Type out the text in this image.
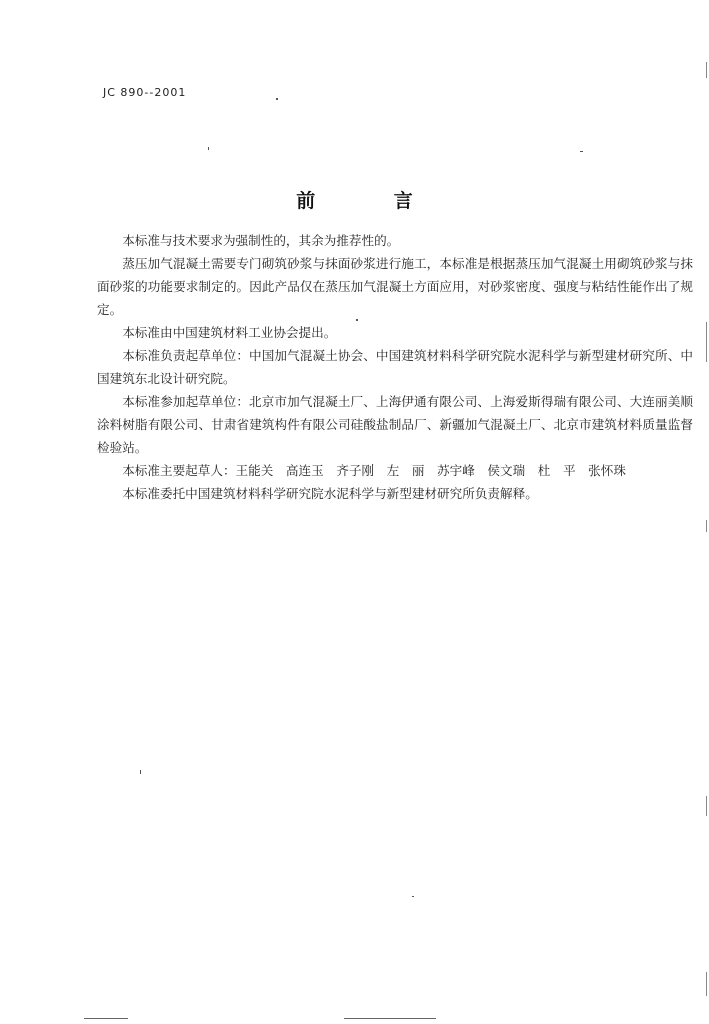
JC 890--2001
前 言

本标准与技术要求为强制性的，其余为推荐性的。

蒸压加气混凝土需要专门砌筑砂浆与抹面砂浆进行施工，本标准是根据蒸压加气混凝土用砌筑砂浆与抹面砂浆的功能要求制定的。因此产品仅在蒸压加气混凝土方面应用，对砂浆密度、强度与粘结性能作出了规定。

本标准由中国建筑材料工业协会提出。

本标准负责起草单位：中国加气混凝土协会、中国建筑材料科学研究院水泥科学与新型建材研究所、中国建筑东北设计研究院。

本标准参加起草单位：北京市加气混凝土厂、上海伊通有限公司、上海爱斯得瑞有限公司、大连丽美顺涂料树脂有限公司、甘肃省建筑构件有限公司硅酸盐制品厂、新疆加气混凝土厂、北京市建筑材料质量监督检验站。

本标准主要起草人：王能关　高连玉　齐子刚　左　丽　苏宇峰　侯文瑞　杜　平　张怀珠

本标准委托中国建筑材料科学研究院水泥科学与新型建材研究所负责解释。
